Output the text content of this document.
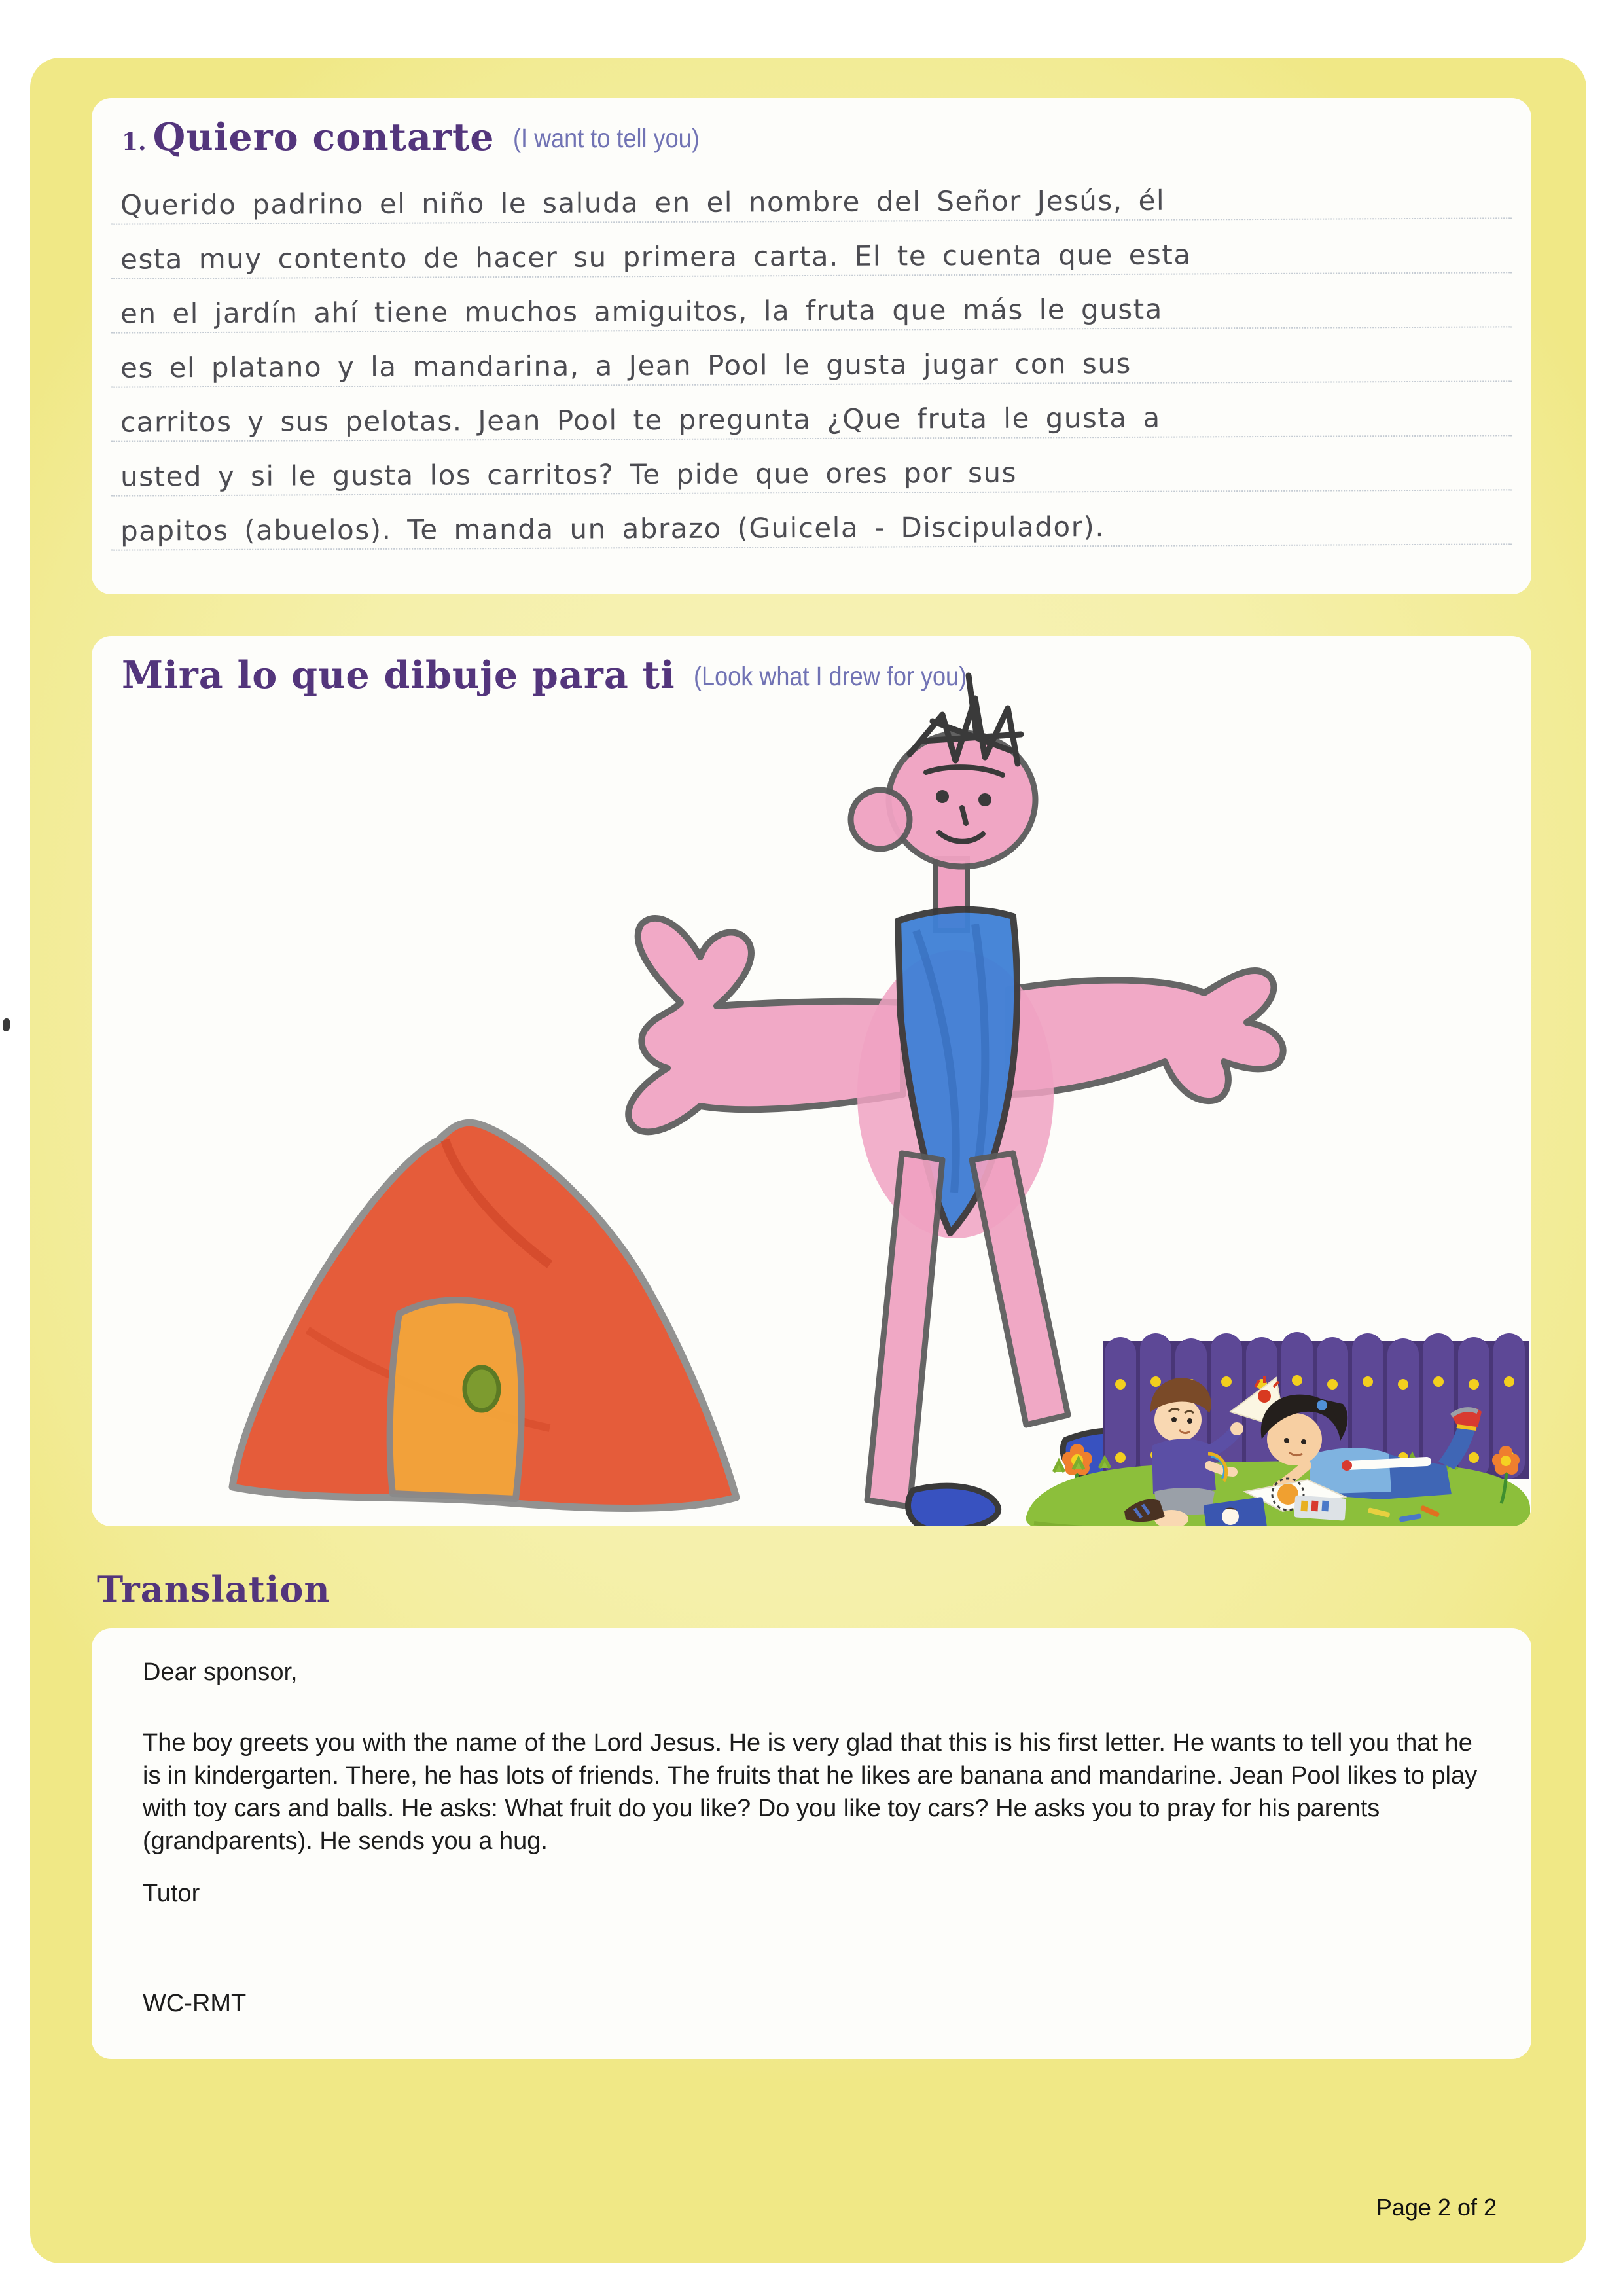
1. Quiero contarte (I want to tell you)
Querido padrino el niño le saluda en el nombre del Señor Jesús, él
esta muy contento de hacer su primera carta. El te cuenta que esta
en el jardín ahí tiene muchos amiguitos, la fruta que más le gusta
es el platano y la mandarina, a Jean Pool le gusta jugar con sus
carritos y sus pelotas. Jean Pool te pregunta ¿Que fruta le gusta a
usted y si le gusta los carritos? Te pide que ores por sus
papitos (abuelos). Te manda un abrazo (Guicela - Discipulador).
Mira lo que dibuje para ti (Look what I drew for you)
Translation

Dear sponsor,

The boy greets you with the name of the Lord Jesus. He is very glad that this is his first letter. He wants to tell you that he is in kindergarten. There, he has lots of friends. The fruits that he likes are banana and mandarine. Jean Pool likes to play with toy cars and balls. He asks: What fruit do you like? Do you like toy cars? He asks you to pray for his parents (grandparents). He sends you a hug.

Tutor

WC-RMT

Page 2 of 2
